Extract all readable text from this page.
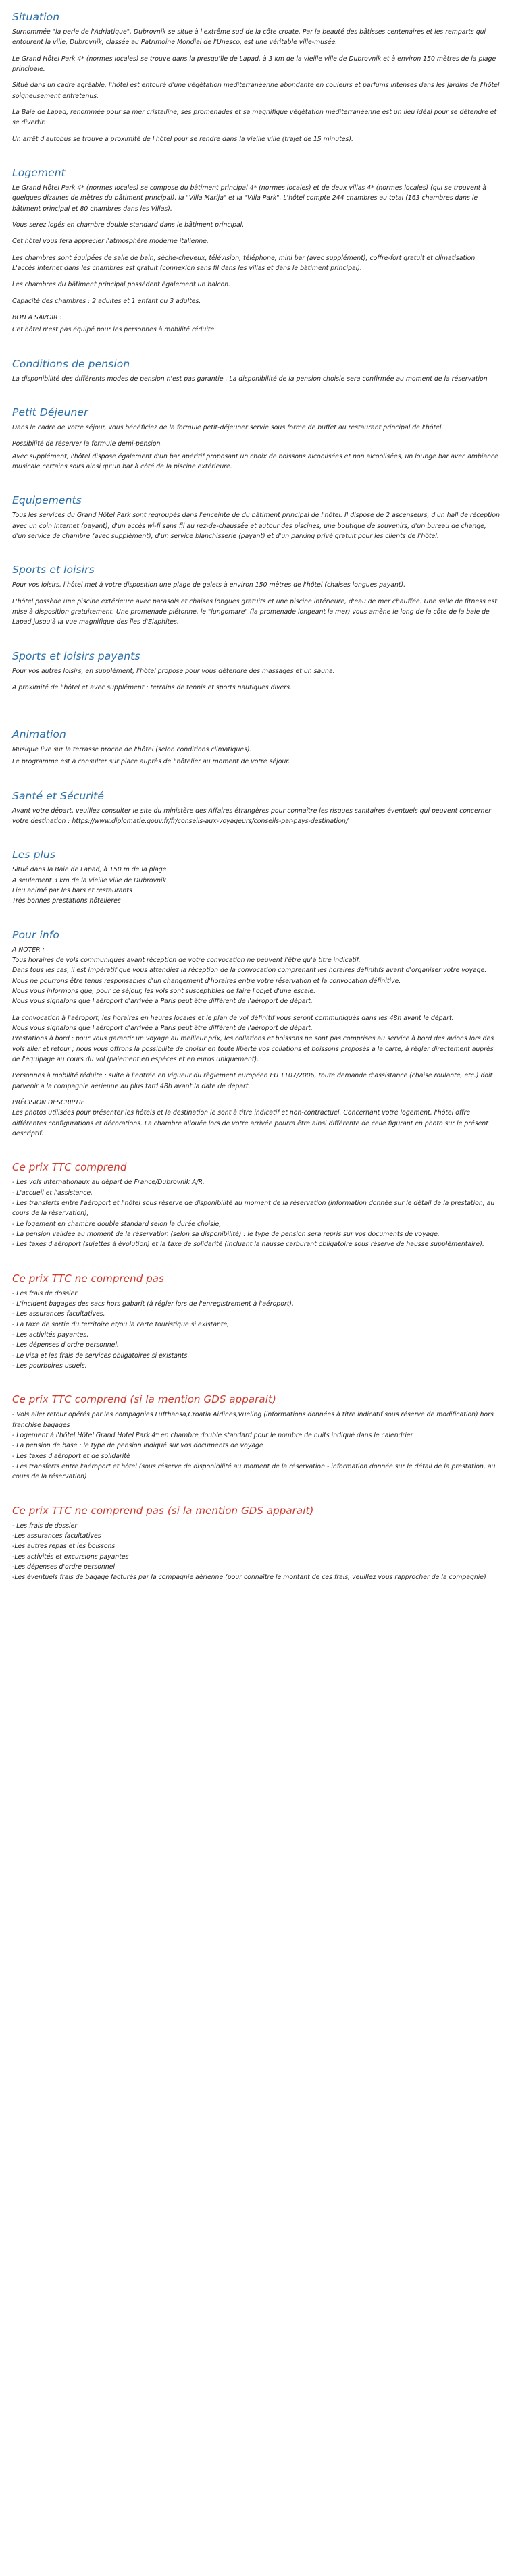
Situation

Surnommée "la perle de l'Adriatique", Dubrovnik se situe à l'extrême sud de la côte croate. Par la beauté des bâtisses centenaires et les remparts qui entourent la ville, Dubrovnik, classée au Patrimoine Mondial de l'Unesco, est une véritable ville-musée.

Le Grand Hôtel Park 4* (normes locales) se trouve dans la presqu'île de Lapad, à 3 km de la vieille ville de Dubrovnik et à environ 150 mètres de la plage principale.

Situé dans un cadre agréable, l'hôtel est entouré d'une végétation méditerranéenne abondante en couleurs et parfums intenses dans les jardins de l'hôtel soigneusement entretenus.

La Baie de Lapad, renommée pour sa mer cristalline, ses promenades et sa magnifique végétation méditerranéenne est un lieu idéal pour se détendre et se divertir.

Un arrêt d'autobus se trouve à proximité de l'hôtel pour se rendre dans la vieille ville (trajet de 15 minutes).

Logement

Le Grand Hôtel Park 4* (normes locales) se compose du bâtiment principal 4* (normes locales) et de deux villas 4* (normes locales) (qui se trouvent à quelques dizaines de mètres du bâtiment principal), la "Villa Marija" et la "Villa Park". L'hôtel compte 244 chambres au total (163 chambres dans le bâtiment principal et 80 chambres dans les Villas).

Vous serez logés en chambre double standard dans le bâtiment principal.

Cet hôtel vous fera apprécier l'atmosphère moderne italienne.

Les chambres sont équipées de salle de bain, sèche-cheveux, télévision, téléphone, mini bar (avec supplément), coffre-fort gratuit et climatisation. L'accès internet dans les chambres est gratuit (connexion sans fil dans les villas et dans le bâtiment principal).

Les chambres du bâtiment principal possèdent également un balcon.

Capacité des chambres : 2 adultes et 1 enfant ou 3 adultes.

BON A SAVOIR :

Cet hôtel n'est pas équipé pour les personnes à mobilité réduite.

Conditions de pension

La disponibilité des différents modes de pension n'est pas garantie . La disponibilité de la pension choisie sera confirmée au moment de la réservation

Petit Déjeuner

Dans le cadre de votre séjour, vous bénéficiez de la formule petit-déjeuner servie sous forme de buffet au restaurant principal de l'hôtel.

Possibilité de réserver la formule demi-pension.

Avec supplément, l'hôtel dispose également d'un bar apéritif proposant un choix de boissons alcoolisées et non alcoolisées, un lounge bar avec ambiance musicale certains soirs ainsi qu'un bar à côté de la piscine extérieure.

Equipements

Tous les services du Grand Hôtel Park sont regroupés dans l'enceinte de du bâtiment principal de l'hôtel. Il dispose de 2 ascenseurs, d'un hall de réception avec un coin Internet (payant), d'un accès wi-fi sans fil au rez-de-chaussée et autour des piscines, une boutique de souvenirs, d'un bureau de change, d'un service de chambre (avec supplément), d'un service blanchisserie (payant) et d'un parking privé gratuit pour les clients de l'hôtel.

Sports et loisirs

Pour vos loisirs, l'hôtel met à votre disposition une plage de galets à environ 150 mètres de l'hôtel (chaises longues payant).

L'hôtel possède une piscine extérieure avec parasols et chaises longues gratuits et une piscine intérieure, d'eau de mer chauffée. Une salle de fitness est mise à disposition gratuitement. Une promenade piétonne, le "lungomare" (la promenade longeant la mer) vous amène le long de la côte de la baie de Lapad jusqu'à la vue magnifique des îles d'Elaphites.

Sports et loisirs payants

Pour vos autres loisirs, en supplément, l'hôtel propose pour vous détendre des massages et un sauna.

A proximité de l'hôtel et avec supplément : terrains de tennis et sports nautiques divers.

Animation

Musique live sur la terrasse proche de l'hôtel (selon conditions climatiques).

Le programme est à consulter sur place auprès de l'hôtelier au moment de votre séjour.

Santé et Sécurité

Avant votre départ, veuillez consulter le site du ministère des Affaires étrangères pour connaître les risques sanitaires éventuels qui peuvent concerner votre destination : https://www.diplomatie.gouv.fr/fr/conseils-aux-voyageurs/conseils-par-pays-destination/

Les plus

Situé dans la Baie de Lapad, à 150 m de la plage

A seulement 3 km de la vieille ville de Dubrovnik

Lieu animé par les bars et restaurants

Très bonnes prestations hôtelières

Pour info

A NOTER :

Tous horaires de vols communiqués avant réception de votre convocation ne peuvent l'être qu'à titre indicatif.

Dans tous les cas, il est impératif que vous attendiez la réception de la convocation comprenant les horaires définitifs avant d'organiser votre voyage.

Nous ne pourrons être tenus responsables d'un changement d'horaires entre votre réservation et la convocation définitive.

Nous vous informons que, pour ce séjour, les vols sont susceptibles de faire l'objet d'une escale.

Nous vous signalons que l'aéroport d'arrivée à Paris peut être différent de l'aéroport de départ.

La convocation à l'aéroport, les horaires en heures locales et le plan de vol définitif vous seront communiqués dans les 48h avant le départ.

Nous vous signalons que l'aéroport d'arrivée à Paris peut être différent de l'aéroport de départ.

Prestations à bord : pour vous garantir un voyage au meilleur prix, les collations et boissons ne sont pas comprises au service à bord des avions lors des vols aller et retour ; nous vous offrons la possibilité de choisir en toute liberté vos collations et boissons proposés à la carte, à régler directement auprès de l'équipage au cours du vol (paiement en espèces et en euros uniquement).

Personnes à mobilité réduite : suite à l'entrée en vigueur du règlement européen EU 1107/2006, toute demande d'assistance (chaise roulante, etc.) doit parvenir à la compagnie aérienne au plus tard 48h avant la date de départ.

PRÉCISION DESCRIPTIF

Les photos utilisées pour présenter les hôtels et la destination le sont à titre indicatif et non-contractuel. Concernant votre logement, l'hôtel offre différentes configurations et décorations. La chambre allouée lors de votre arrivée pourra être ainsi différente de celle figurant en photo sur le présent descriptif.

Ce prix TTC comprend

- Les vols internationaux au départ de France/Dubrovnik A/R,

- L'accueil et l'assistance,

- Les transferts entre l'aéroport et l'hôtel sous réserve de disponibilité au moment de la réservation (information donnée sur le détail de la prestation, au cours de la réservation),

- Le logement en chambre double standard selon la durée choisie,

- La pension validée au moment de la réservation (selon sa disponibilité) : le type de pension sera repris sur vos documents de voyage,

- Les taxes d'aéroport (sujettes à évolution) et la taxe de solidarité (incluant la hausse carburant obligatoire sous réserve de hausse supplémentaire).

Ce prix TTC ne comprend pas

- Les frais de dossier

- L'incident bagages des sacs hors gabarit (à régler lors de l'enregistrement à l'aéroport),

- Les assurances facultatives,

- La taxe de sortie du territoire et/ou la carte touristique si existante,

- Les activités payantes,

- Les dépenses d'ordre personnel,

- Le visa et les frais de services obligatoires si existants,

- Les pourboires usuels.

Ce prix TTC comprend (si la mention GDS apparait)

- Vols aller retour opérés par les compagnies Lufthansa,Croatia Airlines,Vueling (informations données à titre indicatif sous réserve de modification) hors franchise bagages

- Logement à l'hôtel Hôtel Grand Hotel Park 4* en chambre double standard pour le nombre de nuits indiqué dans le calendrier

- La pension de base : le type de pension indiqué sur vos documents de voyage

- Les taxes d'aéroport et de solidarité

- Les transferts entre l'aéroport et hôtel (sous réserve de disponibilité au moment de la réservation - information donnée sur le détail de la prestation, au cours de la réservation)

Ce prix TTC ne comprend pas (si la mention GDS apparait)

- Les frais de dossier

-Les assurances facultatives

-Les autres repas et les boissons

-Les activités et excursions payantes

-Les dépenses d'ordre personnel

-Les éventuels frais de bagage facturés par la compagnie aérienne (pour connaître le montant de ces frais, veuillez vous rapprocher de la compagnie)
